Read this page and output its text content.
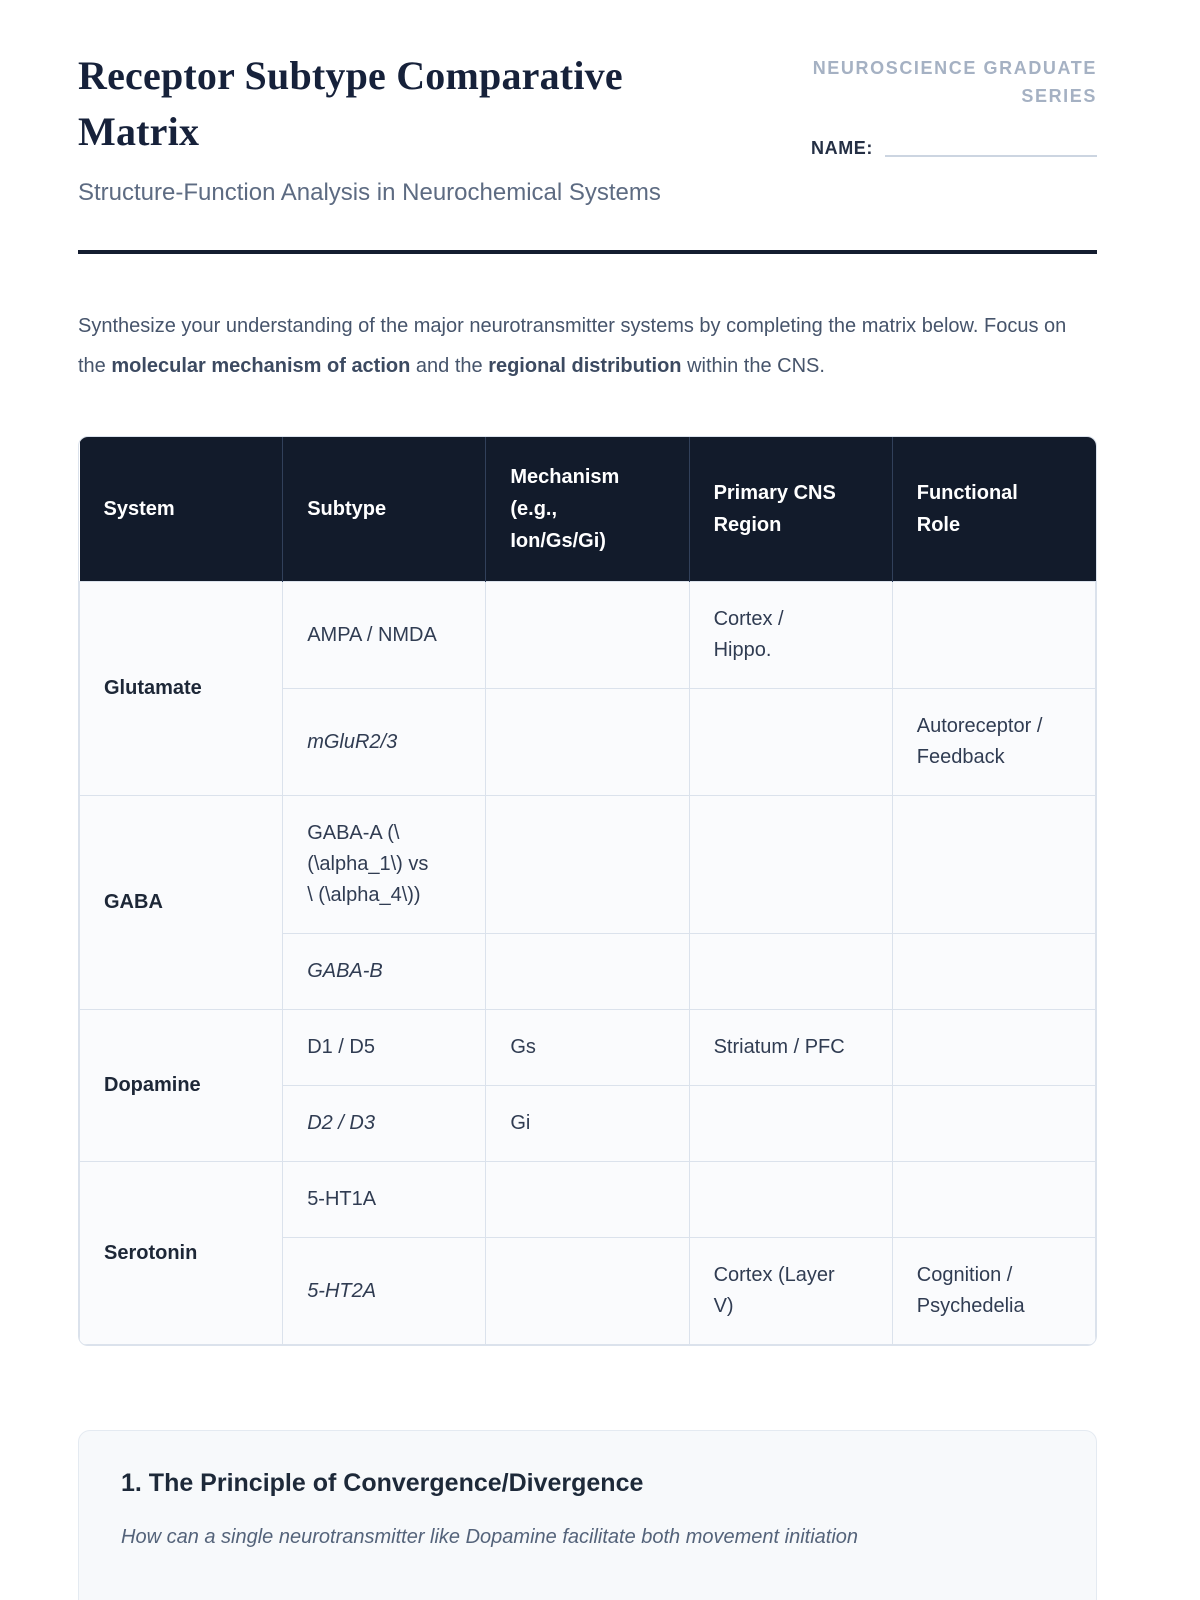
Receptor Subtype Comparative Matrix
Structure-Function Analysis in Neurochemical Systems
NEUROSCIENCE GRADUATE SERIES
NAME:

Synthesize your understanding of the major neurotransmitter systems by completing the matrix below. Focus on the molecular mechanism of action and the regional distribution within the CNS.

System	Subtype	Mechanism (e.g., Ion/Gs/Gi)	Primary CNS Region	Functional Role
Glutamate	AMPA / NMDA		Cortex / Hippo.	
	mGluR2/3			Autoreceptor / Feedback
GABA	GABA-A (\ (\alpha_1\) vs \ (\alpha_4\))			
	GABA-B			
Dopamine	D1 / D5	Gs	Striatum / PFC	
	D2 / D3	Gi		
Serotonin	5-HT1A			
	5-HT2A		Cortex (Layer V)	Cognition / Psychedelia
1. The Principle of Convergence/Divergence
How can a single neurotransmitter like Dopamine facilitate both movement initiation
